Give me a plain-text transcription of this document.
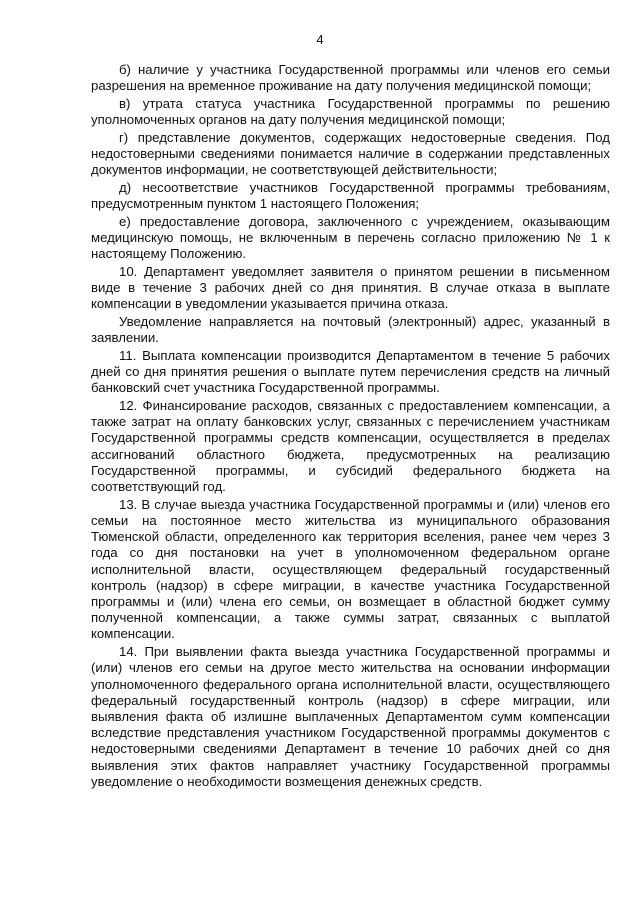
4

б) наличие у участника Государственной программы или членов его семьи разрешения на временное проживание на дату получения медицинской помощи;

в) утрата статуса участника Государственной программы по решению уполномоченных органов на дату получения медицинской помощи;

г) представление документов, содержащих недостоверные сведения. Под недостоверными сведениями понимается наличие в содержании представленных документов информации, не соответствующей действительности;

д) несоответствие участников Государственной программы требованиям, предусмотренным пунктом 1 настоящего Положения;

е) предоставление договора, заключенного с учреждением, оказывающим медицинскую помощь, не включенным в перечень согласно приложению № 1 к настоящему Положению.

10. Департамент уведомляет заявителя о принятом решении в письменном виде в течение 3 рабочих дней со дня принятия. В случае отказа в выплате компенсации в уведомлении указывается причина отказа.

Уведомление направляется на почтовый (электронный) адрес, указанный в заявлении.

11. Выплата компенсации производится Департаментом в течение 5 рабочих дней со дня принятия решения о выплате путем перечисления средств на личный банковский счет участника Государственной программы.

12. Финансирование расходов, связанных с предоставлением компенсации, а также затрат на оплату банковских услуг, связанных с перечислением участникам Государственной программы средств компенсации, осуществляется в пределах ассигнований областного бюджета, предусмотренных на реализацию Государственной программы, и субсидий федерального бюджета на соответствующий год.

13. В случае выезда участника Государственной программы и (или) членов его семьи на постоянное место жительства из муниципального образования Тюменской области, определенного как территория вселения, ранее чем через 3 года со дня постановки на учет в уполномоченном федеральном органе исполнительной власти, осуществляющем федеральный государственный контроль (надзор) в сфере миграции, в качестве участника Государственной программы и (или) члена его семьи, он возмещает в областной бюджет сумму полученной компенсации, а также суммы затрат, связанных с выплатой компенсации.

14. При выявлении факта выезда участника Государственной программы и (или) членов его семьи на другое место жительства на основании информации уполномоченного федерального органа исполнительной власти, осуществляющего федеральный государственный контроль (надзор) в сфере миграции, или выявления факта об излишне выплаченных Департаментом сумм компенсации вследствие представления участником Государственной программы документов с недостоверными сведениями Департамент в течение 10 рабочих дней со дня выявления этих фактов направляет участнику Государственной программы уведомление о необходимости возмещения денежных средств.
